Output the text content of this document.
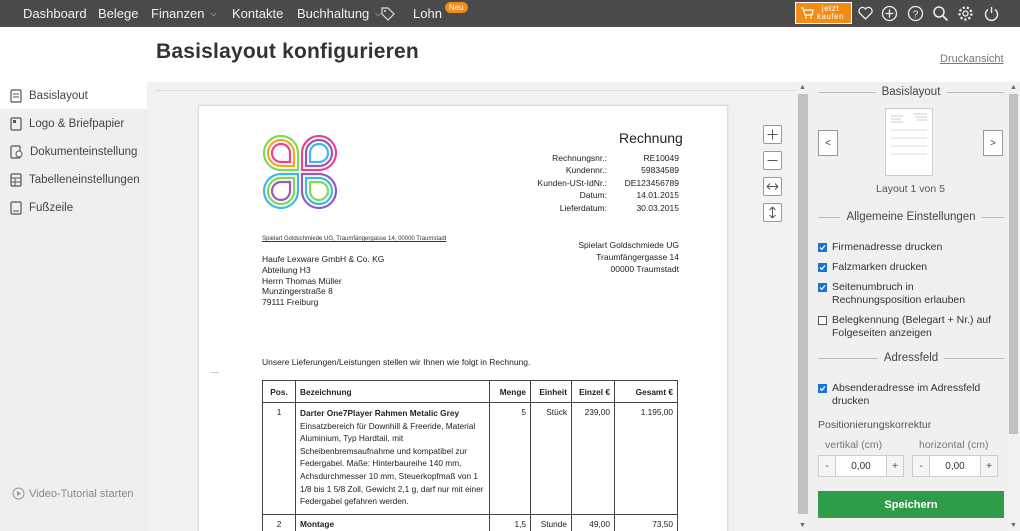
Dashboard Belege Finanzen ⌵ Kontakte Buchhaltung ⌵ Lohn Neu	jetzt
kaufen	?
Basislayout konfigurieren	Druckansicht
Basislayout
Logo & Briefpapier
Dokumenteinstellung
Tabelleneinstellungen
Fußzeile
Video-Tutorial starten
Rechnung
Rechnungsnr.:	RE10049
Kundennr.:	59834589
Kunden-USt-IdNr.:	DE123456789
Datum:	14.01.2015
Lieferdatum:	30.03.2015
Spielart Goldschmiede UG, Traumfängergasse 14, 00000 Traumstadt
Haufe Lexware GmbH & Co. KG
Abteilung H3
Herrn Thomas Müller
Munzingerstraße 8
79111 Freiburg
Spielart Goldschmiede UG
Traumfängergasse 14
00000 Traumstadt
Unsere Lieferungen/Leistungen stellen wir Ihnen wie folgt in Rechnung.
Pos.	Bezeichnung	Menge	Einheit	Einzel €	Gesamt €
1	Darter One7Player Rahmen Metalic Grey
Einsatzbereich für Downhill & Freeride, Material Aluminium, Typ Hardtail, mit Scheibenbremsaufnahme und kompatibel zur Federgabel. Maße: Hinterbaureihe 140 mm, Achsdurchmesser 10 mm, Steuerkopfmaß von 1 1/8 bis 1 5/8 Zoll, Gewicht 2,1 g, darf nur mit einer Federgabel gefahren werden.	5	Stück	239,00	1.195,00
2	Montage	1,5	Stunde	49,00	73,50
▲
▼
Basislayout
<	>
Layout 1 von 5
Allgemeine Einstellungen
Firmenadresse drucken
Falzmarken drucken
Seitenumbruch in Rechnungsposition erlauben
Belegkennung (Belegart + Nr.) auf Folgeseiten anzeigen
Adressfeld
Absenderadresse im Adressfeld drucken
Positionierungskorrektur
vertikal (cm)	horizontal (cm)
-	0,00	+	-	0,00	+
Speichern
▲
▼
